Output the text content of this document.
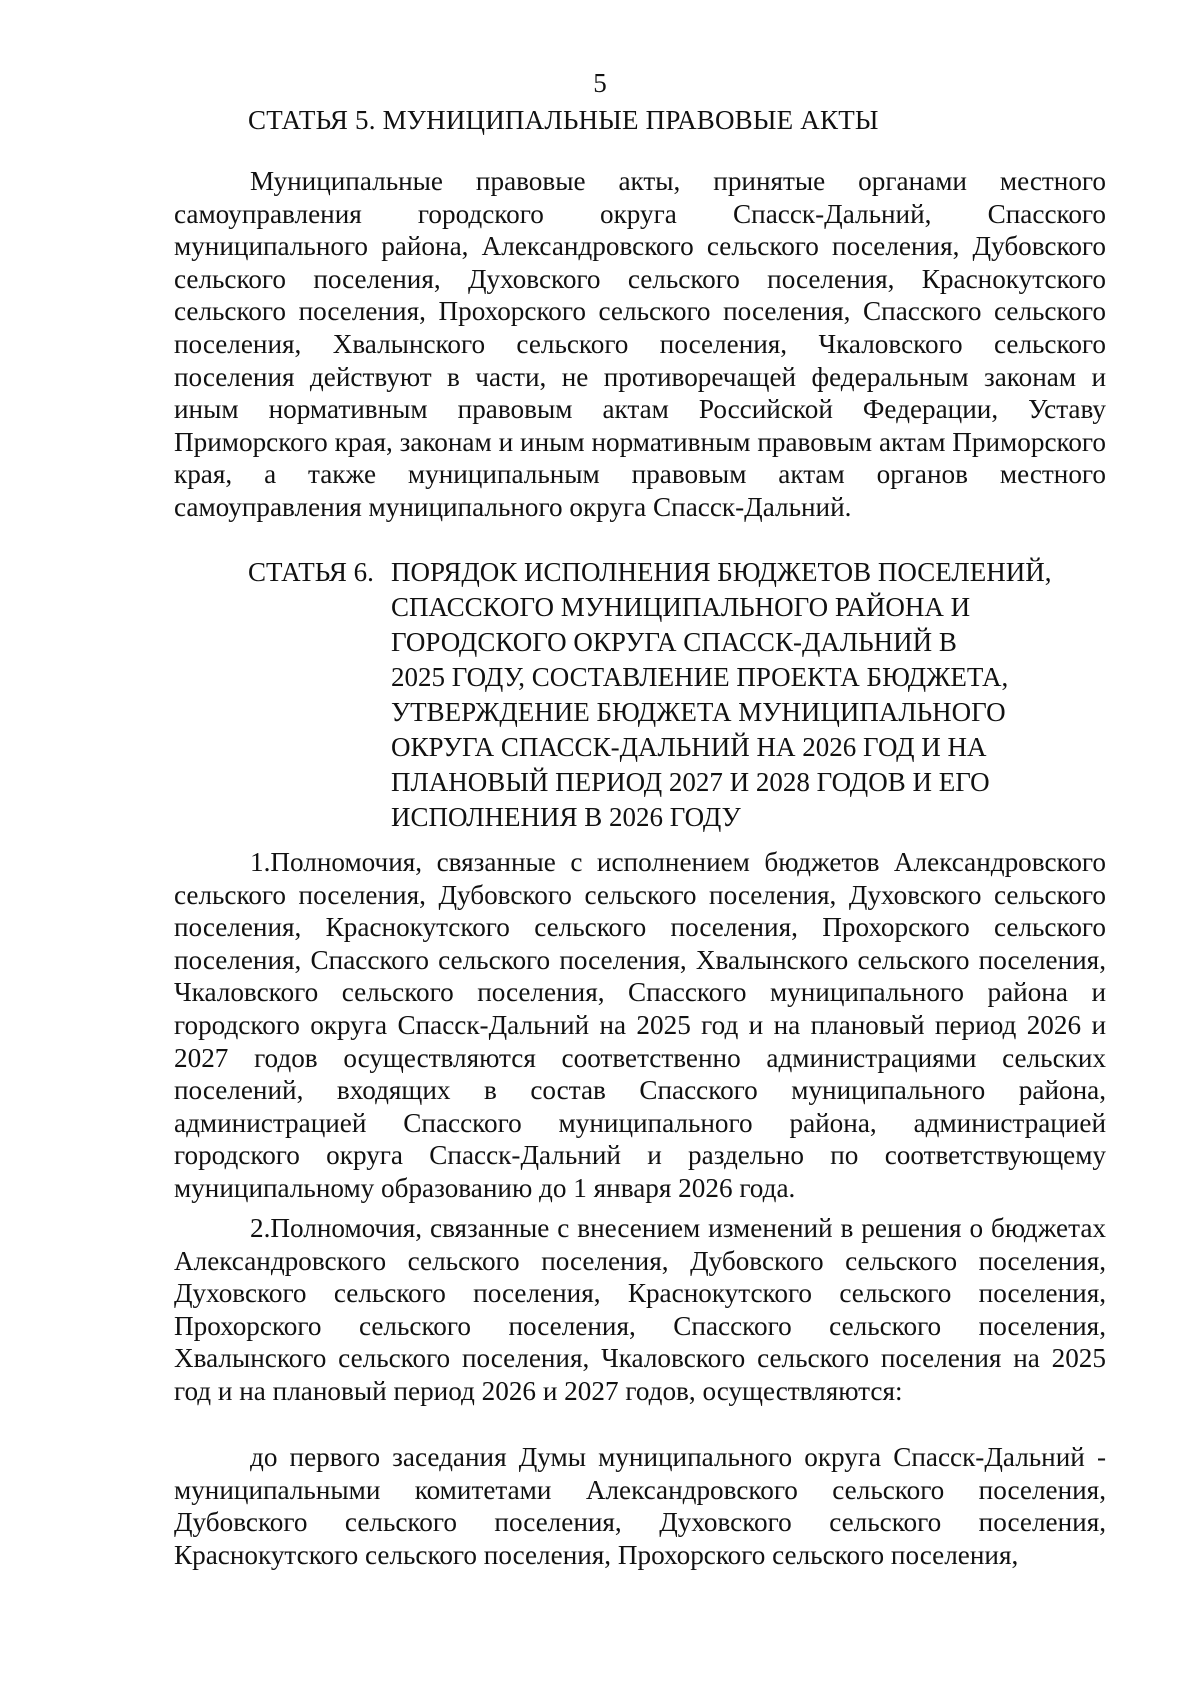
5
СТАТЬЯ 5. МУНИЦИПАЛЬНЫЕ ПРАВОВЫЕ АКТЫ

Муниципальные правовые акты, принятые органами местного самоуправления городского округа Спасск-Дальний, Спасского муниципального района, Александровского сельского поселения, Дубовского сельского поселения, Духовского сельского поселения, Краснокутского сельского поселения, Прохорского сельского поселения, Спасского сельского поселения, Хвалынского сельского поселения, Чкаловского сельского поселения действуют в части, не противоречащей федеральным законам и иным нормативным правовым актам Российской Федерации, Уставу Приморского края, законам и иным нормативным правовым актам Приморского края, а также муниципальным правовым актам органов местного самоуправления муниципального округа Спасск-Дальний.

СТАТЬЯ 6. ПОРЯДОК ИСПОЛНЕНИЯ БЮДЖЕТОВ ПОСЕЛЕНИЙ,
СПАССКОГО МУНИЦИПАЛЬНОГО РАЙОНА И
ГОРОДСКОГО ОКРУГА СПАСCК-ДАЛЬНИЙ В
2025 ГОДУ, СОСТАВЛЕНИЕ ПРОЕКТА БЮДЖЕТА,
УТВЕРЖДЕНИЕ БЮДЖЕТА МУНИЦИПАЛЬНОГО
ОКРУГА СПАСCК-ДАЛЬНИЙ НА 2026 ГОД И НА
ПЛАНОВЫЙ ПЕРИОД 2027 И 2028 ГОДОВ И ЕГО
ИСПОЛНЕНИЯ В 2026 ГОДУ

1.Полномочия, связанные с исполнением бюджетов Александровского сельского поселения, Дубовского сельского поселения, Духовского сельского поселения, Краснокутского сельского поселения, Прохорского сельского поселения, Спасского сельского поселения, Хвалынского сельского поселения, Чкаловского сельского поселения, Спасского муниципального района и городского округа Спасск-Дальний на 2025 год и на плановый период 2026 и 2027 годов осуществляются соответственно администрациями сельских поселений, входящих в состав Спасского муниципального района, администрацией Спасского муниципального района, администрацией городского округа Спасск-Дальний и раздельно по соответствующему муниципальному образованию до 1 января 2026 года.

2.Полномочия, связанные с внесением изменений в решения о бюджетах Александровского сельского поселения, Дубовского сельского поселения, Духовского сельского поселения, Краснокутского сельского поселения, Прохорского сельского поселения, Спасского сельского поселения, Хвалынского сельского поселения, Чкаловского сельского поселения на 2025 год и на плановый период 2026 и 2027 годов, осуществляются:

до первого заседания Думы муниципального округа Спасск-Дальний - муниципальными комитетами Александровского сельского поселения, Дубовского сельского поселения, Духовского сельского поселения, Краснокутского сельского поселения, Прохорского сельского поселения,
